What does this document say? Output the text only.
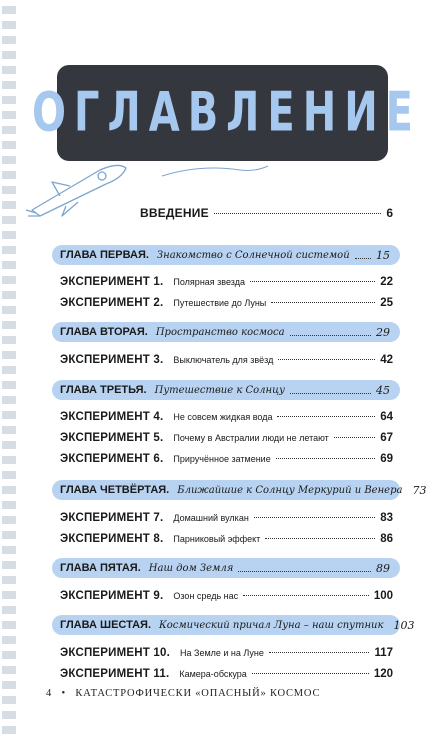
ОГЛАВЛЕНИЕ
ВВЕДЕНИЕ	6
ГЛАВА ПЕРВАЯ. Знакомство с Солнечной системой 15
ЭКСПЕРИМЕНТ 1. Полярная звезда	22
ЭКСПЕРИМЕНТ 2. Путешествие до Луны	25
ГЛАВА ВТОРАЯ. Пространство космоса	29
ЭКСПЕРИМЕНТ 3. Выключатель для звёзд	42
ГЛАВА ТРЕТЬЯ. Путешествие к Солнцу	45
ЭКСПЕРИМЕНТ 4. Не совсем жидкая вода	64
ЭКСПЕРИМЕНТ 5. Почему в Австралии люди не летают	67
ЭКСПЕРИМЕНТ 6. Приручённое затмение	69
ГЛАВА ЧЕТВЁРТАЯ. Ближайшие к Солнцу Меркурий и Венера 73
ЭКСПЕРИМЕНТ 7. Домашний вулкан	83
ЭКСПЕРИМЕНТ 8. Парниковый эффект	86
ГЛАВА ПЯТАЯ. Наш дом Земля	89
ЭКСПЕРИМЕНТ 9. Озон средь нас	100
ГЛАВА ШЕСТАЯ. Космический причал Луна – наш спутник 103
ЭКСПЕРИМЕНТ 10. На Земле и на Луне	117
ЭКСПЕРИМЕНТ 11. Камера-обскура	120
4 • КАТАСТРОФИЧЕСКИ «ОПАСНЫЙ» КОСМОС
